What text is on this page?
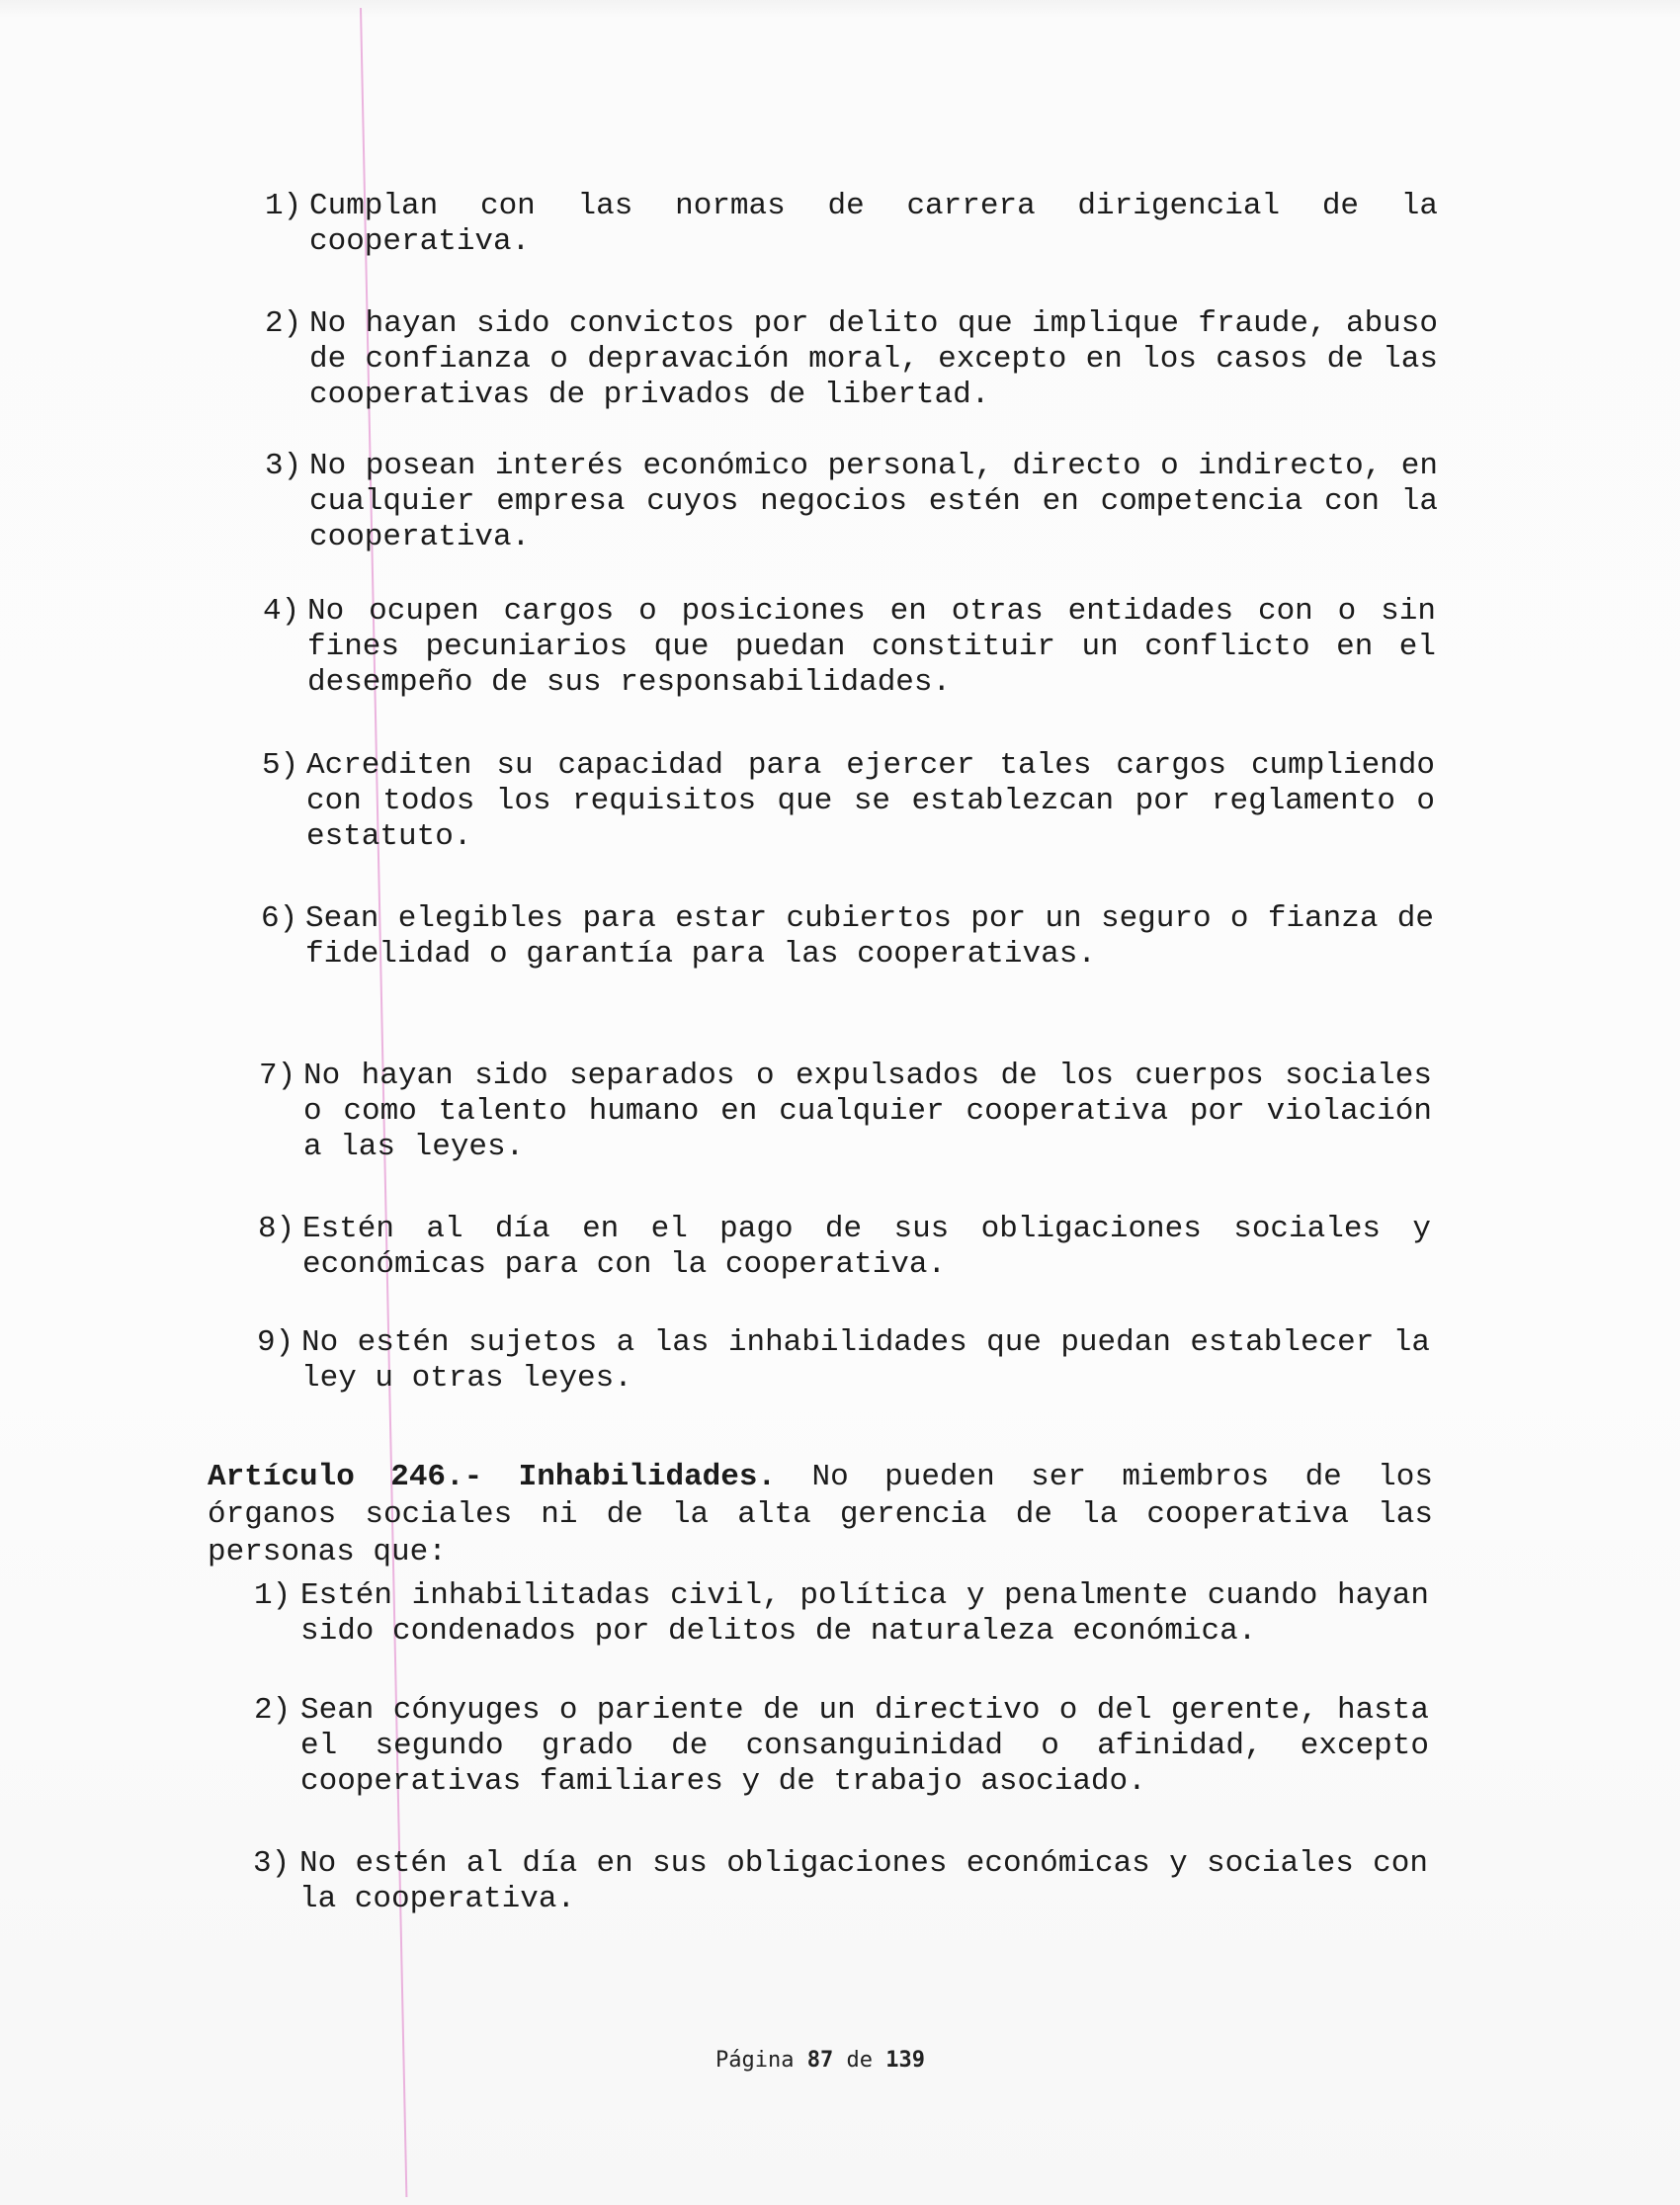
1) Cumplan con las normas de carrera dirigencial de la cooperativa.
2) No hayan sido convictos por delito que implique fraude, abuso de confianza o depravación moral, excepto en los casos de las cooperativas de privados de libertad.
3) No posean interés económico personal, directo o indirecto, en cualquier empresa cuyos negocios estén en competencia con la cooperativa.
4) No ocupen cargos o posiciones en otras entidades con o sin fines pecuniarios que puedan constituir un conflicto en el desempeño de sus responsabilidades.
5) Acrediten su capacidad para ejercer tales cargos cumpliendo con todos los requisitos que se establezcan por reglamento o estatuto.
6) Sean elegibles para estar cubiertos por un seguro o fianza de fidelidad o garantía para las cooperativas.
7) No hayan sido separados o expulsados de los cuerpos sociales o como talento humano en cualquier cooperativa por violación a las leyes.
8) Estén al día en el pago de sus obligaciones sociales y económicas para con la cooperativa.
9) No estén sujetos a las inhabilidades que puedan establecer la ley u otras leyes.
Artículo 246.- Inhabilidades. No pueden ser miembros de los órganos sociales ni de la alta gerencia de la cooperativa las personas que:
1) Estén inhabilitadas civil, política y penalmente cuando hayan sido condenados por delitos de naturaleza económica.
2) Sean cónyuges o pariente de un directivo o del gerente, hasta el segundo grado de consanguinidad o afinidad, excepto cooperativas familiares y de trabajo asociado.
3) No estén al día en sus obligaciones económicas y sociales con la cooperativa.
Página 87 de 139
